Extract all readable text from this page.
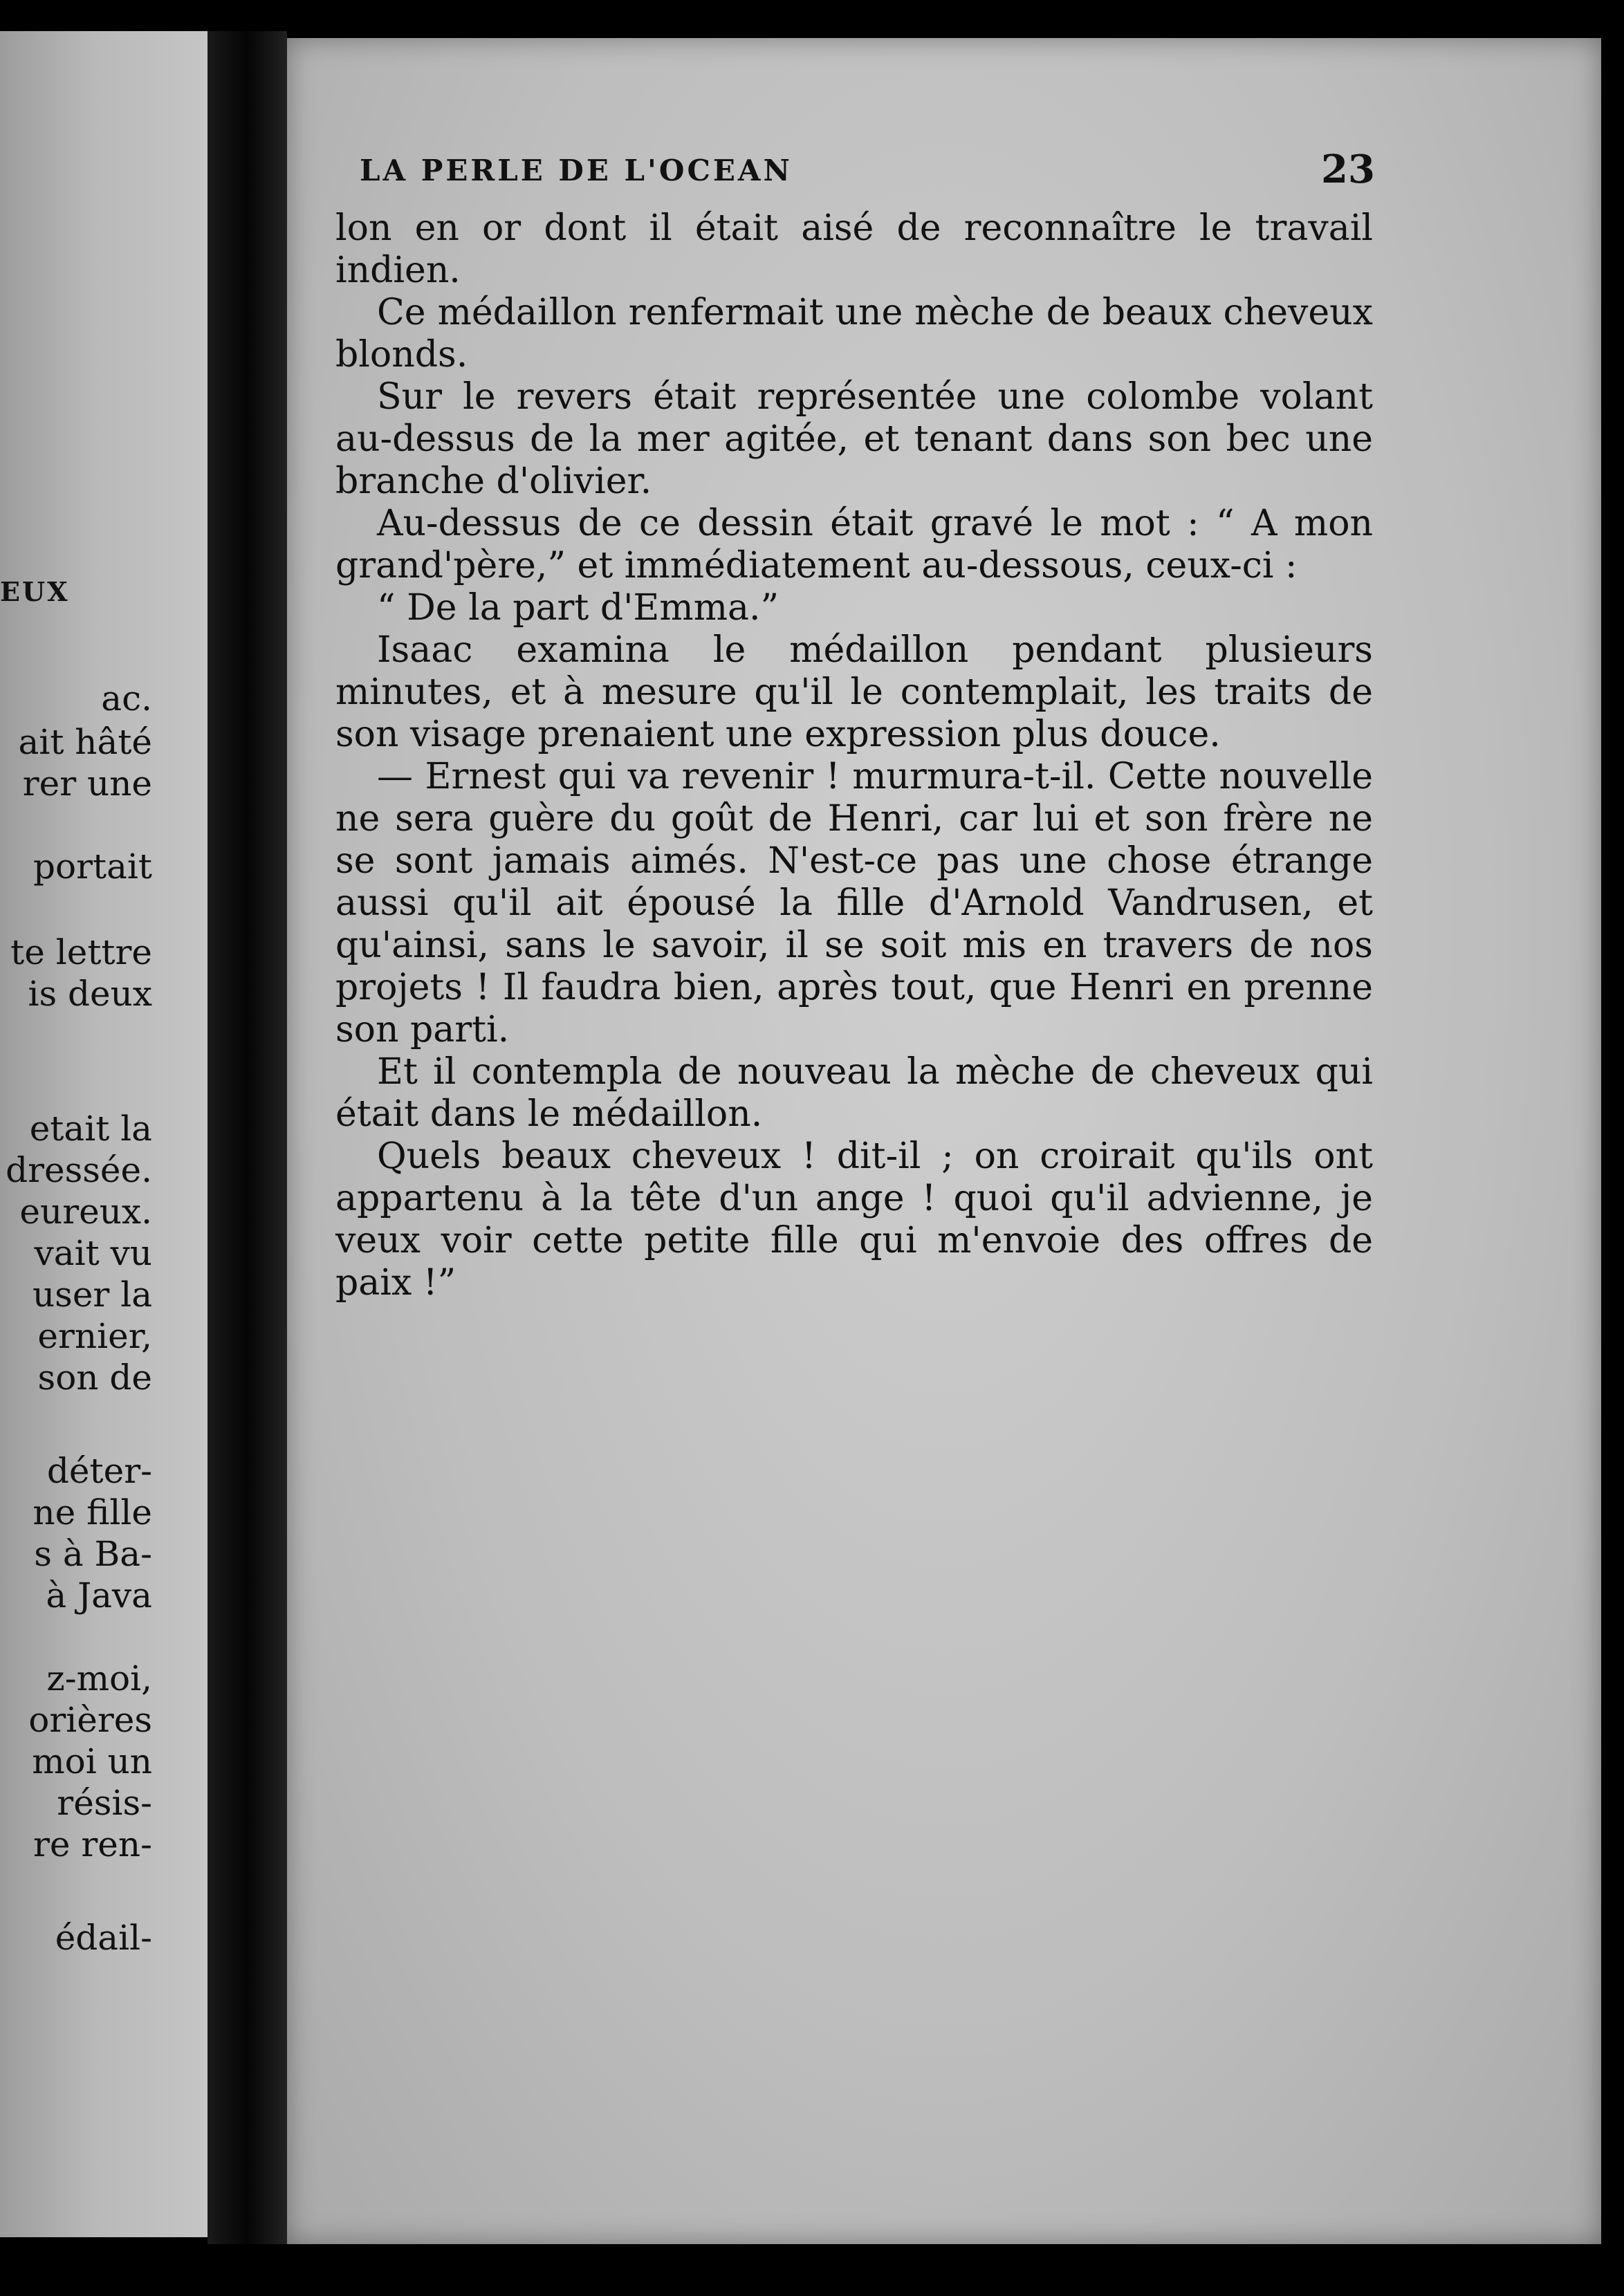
EUX
ac.
ait hâté
rer une
portait
te lettre
is deux
etait la
dressée.
eureux.
vait vu
user la
ernier,
son de
déter-
ne fille
s à Ba-
à Java
z-moi,
orières
moi un
résis-
re ren-
édail-
LA PERLE DE L'OCEAN	23

lon en or dont il était aisé de reconnaître le travail indien.

Ce médaillon renfermait une mèche de beaux cheveux blonds.

Sur le revers était représentée une colombe volant au-dessus de la mer agitée, et tenant dans son bec une branche d'olivier.

Au-dessus de ce dessin était gravé le mot : “ A mon grand'père,” et immédiatement au-dessous, ceux-ci :

“ De la part d'Emma.”

Isaac examina le médaillon pendant plusieurs minutes, et à mesure qu'il le contemplait, les traits de son visage prenaient une expression plus douce.

— Ernest qui va revenir ! murmura-t-il. Cette nouvelle ne sera guère du goût de Henri, car lui et son frère ne se sont jamais aimés. N'est-ce pas une chose étrange aussi qu'il ait épousé la fille d'Arnold Vandrusen, et qu'ainsi, sans le savoir, il se soit mis en travers de nos projets ! Il faudra bien, après tout, que Henri en prenne son parti.

Et il contempla de nouveau la mèche de cheveux qui était dans le médaillon.

Quels beaux cheveux ! dit-il ; on croirait qu'ils ont appartenu à la tête d'un ange ! quoi qu'il advienne, je veux voir cette petite fille qui m'envoie des offres de paix !”
